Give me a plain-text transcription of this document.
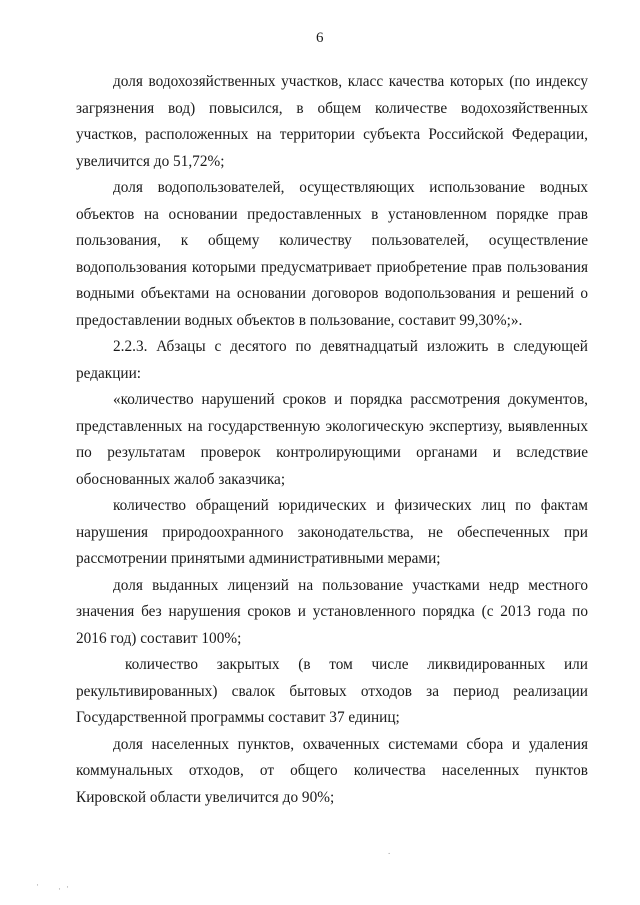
6

доля водохозяйственных участков, класс качества которых (по индексу загрязнения вод) повысился, в общем количестве водохозяйственных участков, расположенных на территории субъекта Российской Федерации, увеличится до 51,72%;

доля водопользователей, осуществляющих использование водных объектов на основании предоставленных в установленном порядке прав пользования, к общему количеству пользователей, осуществление водопользования которыми предусматривает приобретение прав пользования водными объектами на основании договоров водопользования и решений о предоставлении водных объектов в пользование, составит 99,30%;».

2.2.3. Абзацы с десятого по девятнадцатый изложить в следующей редакции:

«количество нарушений сроков и порядка рассмотрения документов, представленных на государственную экологическую экспертизу, выявленных по результатам проверок контролирующими органами и вследствие обоснованных жалоб заказчика;

количество обращений юридических и физических лиц по фактам нарушения природоохранного законодательства, не обеспеченных при рассмотрении принятыми административными мерами;

доля выданных лицензий на пользование участками недр местного значения без нарушения сроков и установленного порядка (с 2013 года по 2016 год) составит 100%;

количество закрытых (в том числе ликвидированных или рекультивированных) свалок бытовых отходов за период реализации Государственной программы составит 37 единиц;

доля населенных пунктов, охваченных системами сбора и удаления коммунальных отходов, от общего количества населенных пунктов Кировской области увеличится до 90%;

.
· · ·
